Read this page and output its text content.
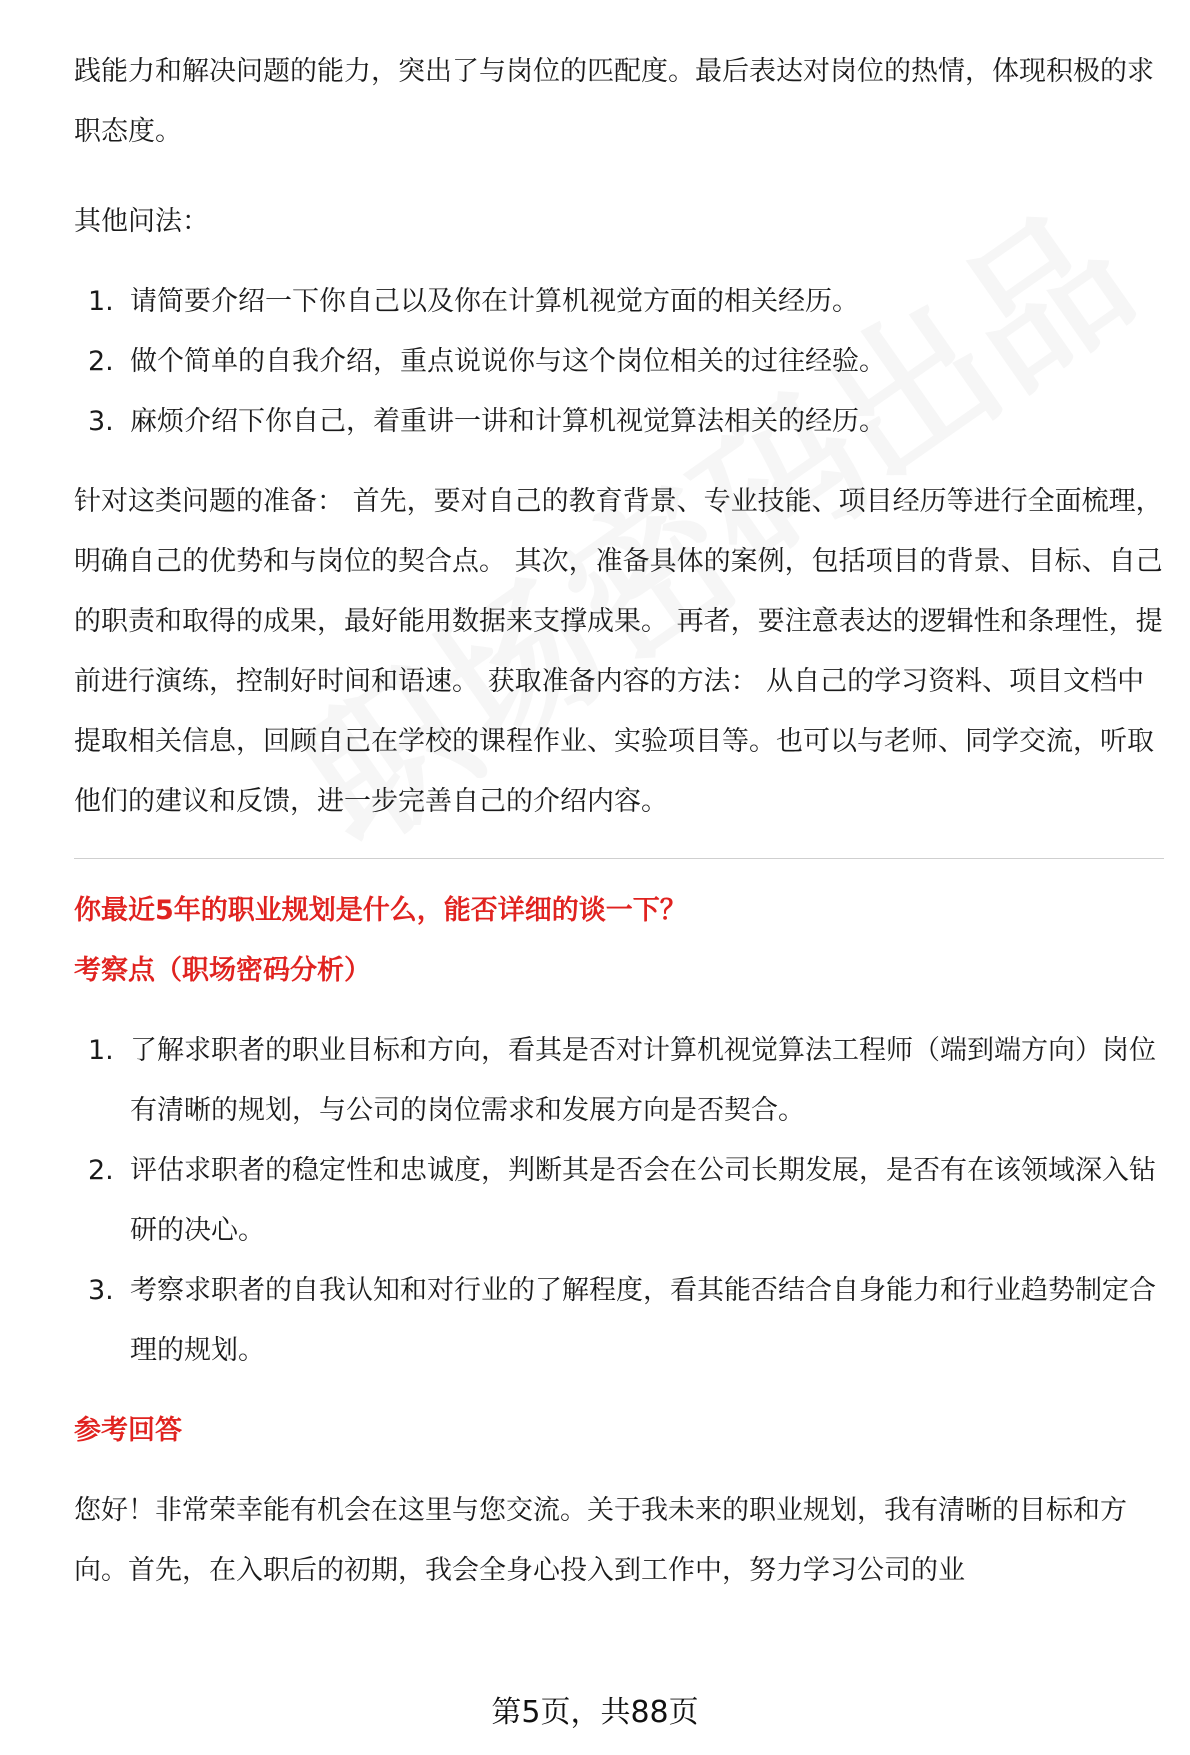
践能力和解决问题的能力，突出了与岗位的匹配度。最后表达对岗位的热情，体现积极的求职态度。

其他问法：

1. 请简要介绍一下你自己以及你在计算机视觉方面的相关经历。
2. 做个简单的自我介绍，重点说说你与这个岗位相关的过往经验。
3. 麻烦介绍下你自己，着重讲一讲和计算机视觉算法相关的经历。

针对这类问题的准备： 首先，要对自己的教育背景、专业技能、项目经历等进行全面梳理，明确自己的优势和与岗位的契合点。 其次，准备具体的案例，包括项目的背景、目标、自己的职责和取得的成果，最好能用数据来支撑成果。 再者，要注意表达的逻辑性和条理性，提前进行演练，控制好时间和语速。 获取准备内容的方法： 从自己的学习资料、项目文档中提取相关信息，回顾自己在学校的课程作业、实验项目等。也可以与老师、同学交流，听取他们的建议和反馈，进一步完善自己的介绍内容。

你最近5年的职业规划是什么，能否详细的谈一下？

考察点（职场密码分析）

1. 了解求职者的职业目标和方向，看其是否对计算机视觉算法工程师（端到端方向）岗位有清晰的规划，与公司的岗位需求和发展方向是否契合。
2. 评估求职者的稳定性和忠诚度，判断其是否会在公司长期发展，是否有在该领域深入钻研的决心。
3. 考察求职者的自我认知和对行业的了解程度，看其能否结合自身能力和行业趋势制定合理的规划。

参考回答

您好！非常荣幸能有机会在这里与您交流。关于我未来的职业规划，我有清晰的目标和方向。首先，在入职后的初期，我会全身心投入到工作中，努力学习公司的业

第5页，共88页
